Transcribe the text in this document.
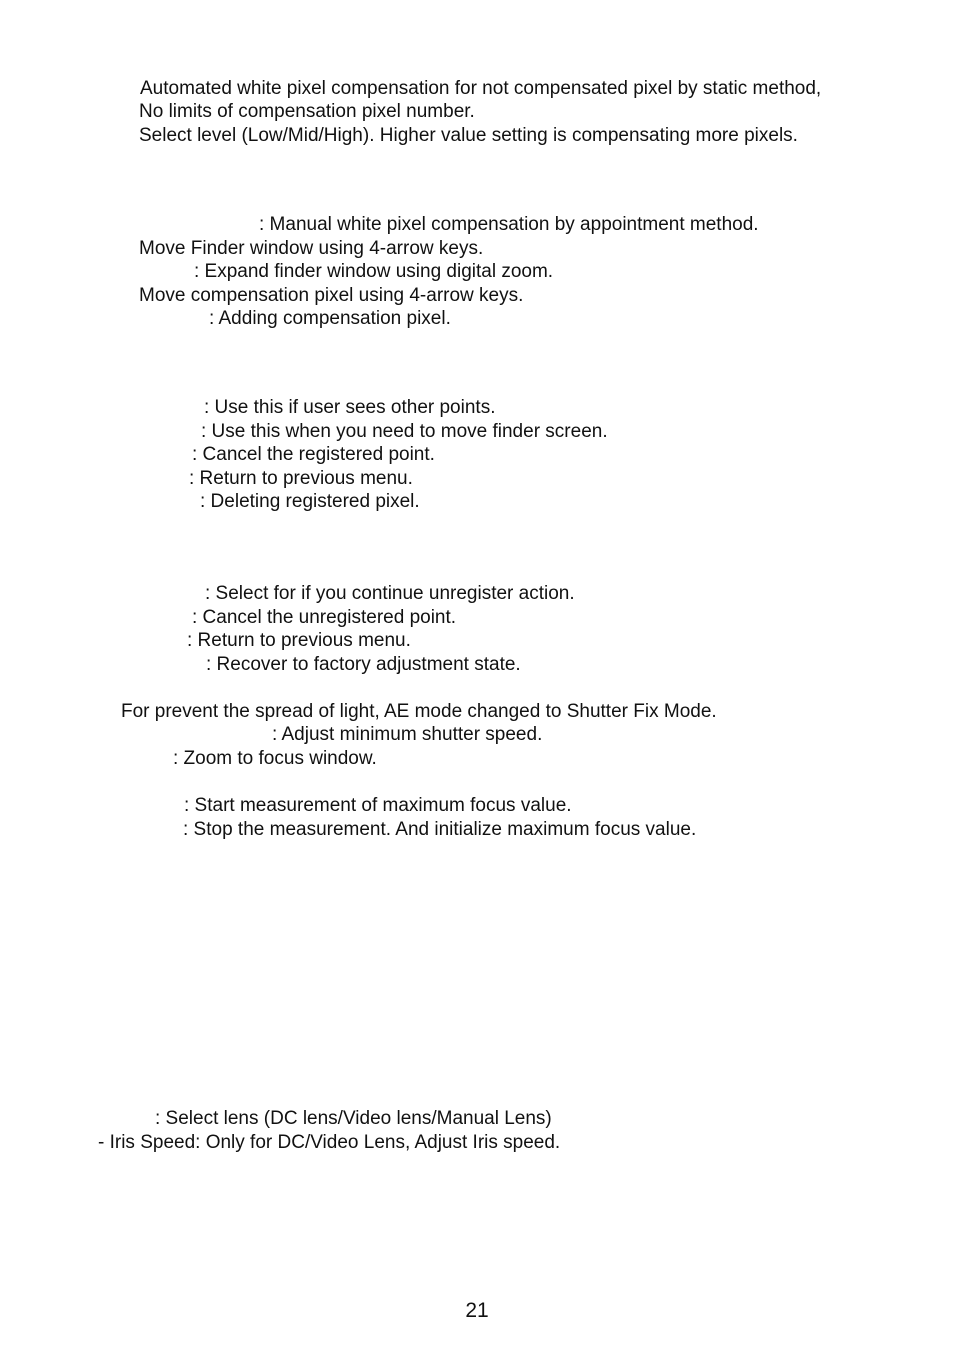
Automated white pixel compensation for not compensated pixel by static method,
No limits of compensation pixel number.
Select level (Low/Mid/High). Higher value setting is compensating more pixels.
: Manual white pixel compensation by appointment method.
Move Finder window using 4-arrow keys.
: Expand finder window using digital zoom.
Move compensation pixel using 4-arrow keys.
: Adding compensation pixel.
: Use this if user sees other points.
: Use this when you need to move finder screen.
: Cancel the registered point.
: Return to previous menu.
: Deleting registered pixel.
: Select for if you continue unregister action.
: Cancel the unregistered point.
: Return to previous menu.
: Recover to factory adjustment state.
For prevent the spread of light, AE mode changed to Shutter Fix Mode.
: Adjust minimum shutter speed.
: Zoom to focus window.
: Start measurement of maximum focus value.
: Stop the measurement. And initialize maximum focus value.
: Select lens (DC lens/Video lens/Manual Lens)
- Iris Speed: Only for DC/Video Lens, Adjust Iris speed.
21
